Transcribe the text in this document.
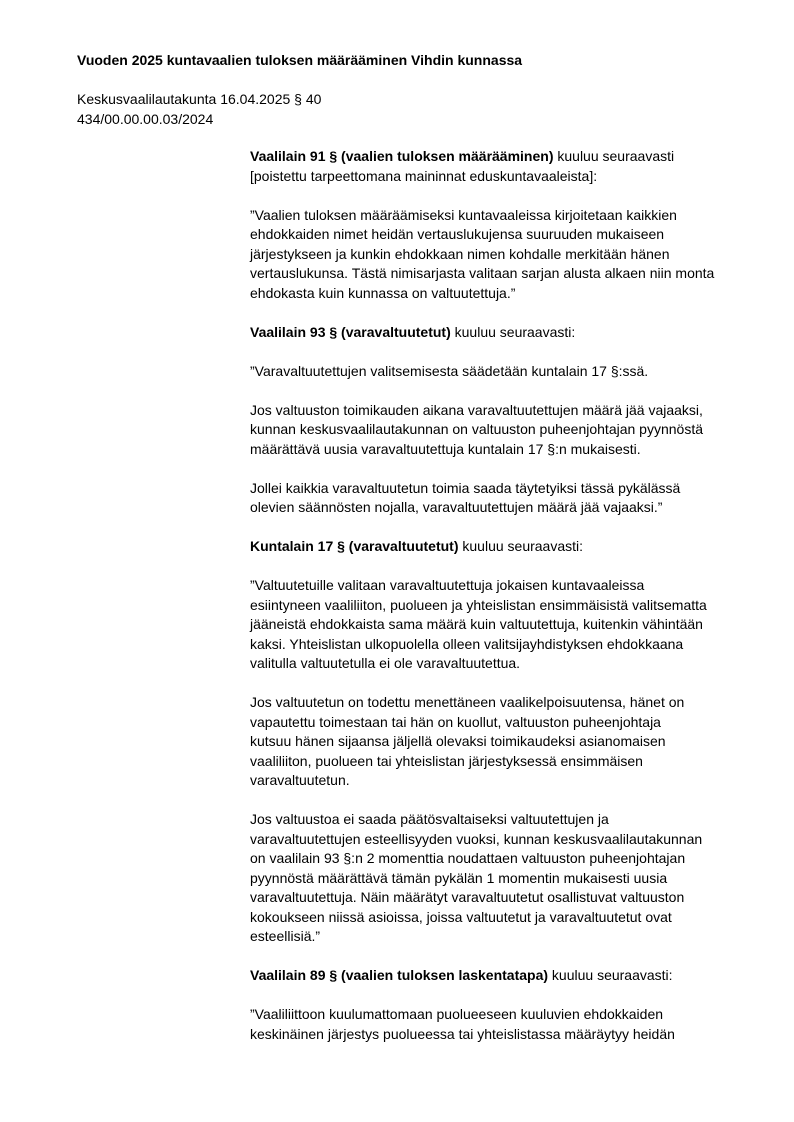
Vuoden 2025 kuntavaalien tuloksen määrääminen Vihdin kunnassa
Keskusvaalilautakunta 16.04.2025 § 40
434/00.00.00.03/2024

Vaalilain 91 § (vaalien tuloksen määrääminen) kuuluu seuraavasti
[poistettu tarpeettomana maininnat eduskuntavaaleista]:

”Vaalien tuloksen määräämiseksi kuntavaaleissa kirjoitetaan kaikkien
ehdokkaiden nimet heidän vertauslukujensa suuruuden mukaiseen
järjestykseen ja kunkin ehdokkaan nimen kohdalle merkitään hänen
vertauslukunsa. Tästä nimisarjasta valitaan sarjan alusta alkaen niin monta
ehdokasta kuin kunnassa on valtuutettuja.”

Vaalilain 93 § (varavaltuutetut) kuuluu seuraavasti:

”Varavaltuutettujen valitsemisesta säädetään kuntalain 17 §:ssä.

Jos valtuuston toimikauden aikana varavaltuutettujen määrä jää vajaaksi,
kunnan keskusvaalilautakunnan on valtuuston puheenjohtajan pyynnöstä
määrättävä uusia varavaltuutettuja kuntalain 17 §:n mukaisesti.

Jollei kaikkia varavaltuutetun toimia saada täytetyiksi tässä pykälässä
olevien säännösten nojalla, varavaltuutettujen määrä jää vajaaksi.”

Kuntalain 17 § (varavaltuutetut) kuuluu seuraavasti:

”Valtuutetuille valitaan varavaltuutettuja jokaisen kuntavaaleissa
esiintyneen vaaliliiton, puolueen ja yhteislistan ensimmäisistä valitsematta
jääneistä ehdokkaista sama määrä kuin valtuutettuja, kuitenkin vähintään
kaksi. Yhteislistan ulkopuolella olleen valitsijayhdistyksen ehdokkaana
valitulla valtuutetulla ei ole varavaltuutettua.

Jos valtuutetun on todettu menettäneen vaalikelpoisuutensa, hänet on
vapautettu toimestaan tai hän on kuollut, valtuuston puheenjohtaja
kutsuu hänen sijaansa jäljellä olevaksi toimikaudeksi asianomaisen
vaaliliiton, puolueen tai yhteislistan järjestyksessä ensimmäisen
varavaltuutetun.

Jos valtuustoa ei saada päätösvaltaiseksi valtuutettujen ja
varavaltuutettujen esteellisyyden vuoksi, kunnan keskusvaalilautakunnan
on vaalilain 93 §:n 2 momenttia noudattaen valtuuston puheenjohtajan
pyynnöstä määrättävä tämän pykälän 1 momentin mukaisesti uusia
varavaltuutettuja. Näin määrätyt varavaltuutetut osallistuvat valtuuston
kokoukseen niissä asioissa, joissa valtuutetut ja varavaltuutetut ovat
esteellisiä.”

Vaalilain 89 § (vaalien tuloksen laskentatapa) kuuluu seuraavasti:

”Vaaliliittoon kuulumattomaan puolueeseen kuuluvien ehdokkaiden
keskinäinen järjestys puolueessa tai yhteislistassa määräytyy heidän
